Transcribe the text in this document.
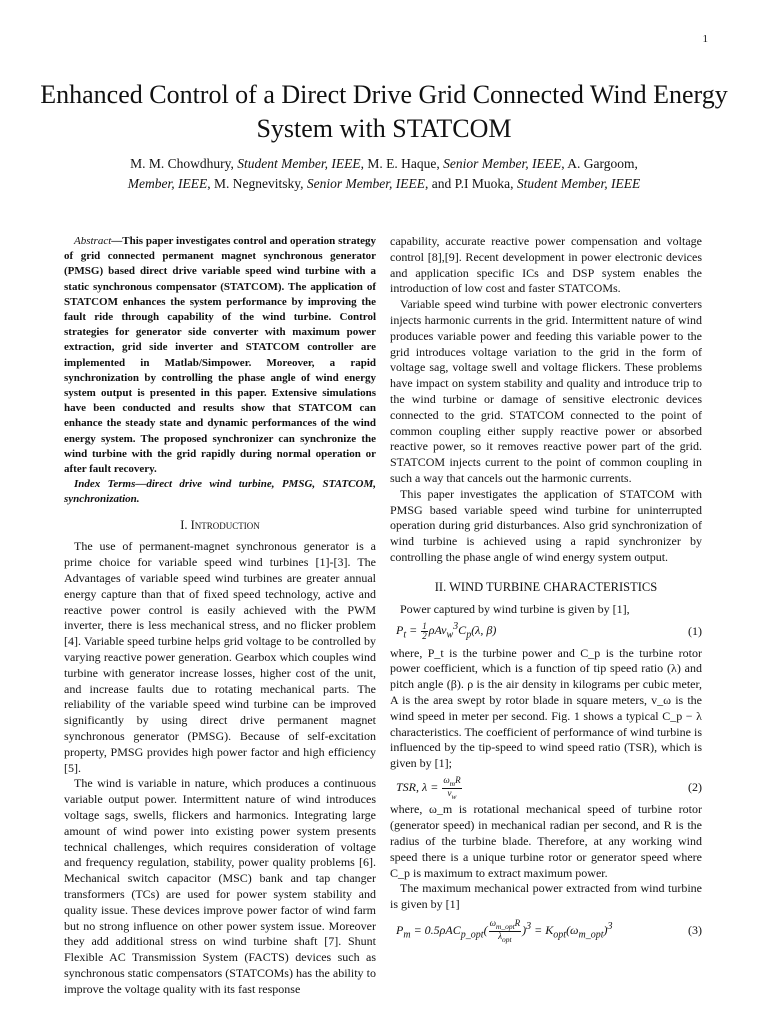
1
Enhanced Control of a Direct Drive Grid Connected Wind Energy System with STATCOM
M. M. Chowdhury, Student Member, IEEE, M. E. Haque, Senior Member, IEEE, A. Gargoom,
Member, IEEE, M. Negnevitsky, Senior Member, IEEE, and P.I Muoka, Student Member, IEEE

Abstract—This paper investigates control and operation strategy of grid connected permanent magnet synchronous generator (PMSG) based direct drive variable speed wind turbine with a static synchronous compensator (STATCOM). The application of STATCOM enhances the system performance by improving the fault ride through capability of the wind turbine. Control strategies for generator side converter with maximum power extraction, grid side inverter and STATCOM controller are implemented in Matlab/Simpower. Moreover, a rapid synchronization by controlling the phase angle of wind energy system output is presented in this paper. Extensive simulations have been conducted and results show that STATCOM can enhance the steady state and dynamic performances of the wind energy system. The proposed synchronizer can synchronize the wind turbine with the grid rapidly during normal operation or after fault recovery.

Index Terms—direct drive wind turbine, PMSG, STATCOM, synchronization.

I. Introduction

The use of permanent-magnet synchronous generator is a prime choice for variable speed wind turbines [1]-[3]. The Advantages of variable speed wind turbines are greater annual energy capture than that of fixed speed technology, active and reactive power control is easily achieved with the PWM inverter, there is less mechanical stress, and no flicker problem [4]. Variable speed turbine helps grid voltage to be controlled by varying reactive power generation. Gearbox which couples wind turbine with generator increase losses, higher cost of the unit, and increase faults due to rotating mechanical parts. The reliability of the variable speed wind turbine can be improved significantly by using direct drive permanent magnet synchronous generator (PMSG). Because of self-excitation property, PMSG provides high power factor and high efficiency [5].

The wind is variable in nature, which produces a continuous variable output power. Intermittent nature of wind introduces voltage sags, swells, flickers and harmonics. Integrating large amount of wind power into existing power system presents technical challenges, which requires consideration of voltage and frequency regulation, stability, power quality problems [6]. Mechanical switch capacitor (MSC) bank and tap changer transformers (TCs) are used for power system stability and quality issue. These devices improve power factor of wind farm but no strong influence on other power system issue. Moreover they add additional stress on wind turbine shaft [7]. Shunt Flexible AC Transmission System (FACTS) devices such as synchronous static compensators (STATCOMs) has the ability to improve the voltage quality with its fast response

capability, accurate reactive power compensation and voltage control [8],[9]. Recent development in power electronic devices and application specific ICs and DSP system enables the introduction of low cost and faster STATCOMs.

Variable speed wind turbine with power electronic converters injects harmonic currents in the grid. Intermittent nature of wind produces variable power and feeding this variable power to the grid introduces voltage variation to the grid in the form of voltage sag, voltage swell and voltage flickers. These problems have impact on system stability and quality and introduce trip to the wind turbine or damage of sensitive electronic devices connected to the grid. STATCOM connected to the point of common coupling either supply reactive power or absorbed reactive power, so it removes reactive power part of the grid. STATCOM injects current to the point of common coupling in such a way that cancels out the harmonic currents.

This paper investigates the application of STATCOM with PMSG based variable speed wind turbine for uninterrupted operation during grid disturbances. Also grid synchronization of wind turbine is achieved using a rapid synchronizer by controlling the phase angle of wind energy system output.

II. WIND TURBINE CHARACTERISTICS

Power captured by wind turbine is given by [1],

$P_t = \frac{1}{2} \rho Av_w^3C_p(\lambda$, β)	(1)

where, P_t is the turbine power and C_p is the turbine rotor power coefficient, which is a function of tip speed ratio (λ) and pitch angle (β). ρ is the air density in kilograms per cubic meter, A is the area swept by rotor blade in square meters, v_ω is the wind speed in meter per second. Fig. 1 shows a typical C_p − λ characteristics. The coefficient of performance of wind turbine is influenced by the tip-speed to wind speed ratio (TSR), which is given by [1];

TSR, $\lambda = \frac{\omega_mR}{v_w}$	(2)

where, ω_m is rotational mechanical speed of turbine rotor (generator speed) in mechanical radian per second, and R is the radius of the turbine blade. Therefore, at any working wind speed there is a unique turbine rotor or generator speed where C_p is maximum to extract maximum power.

The maximum mechanical power extracted from wind turbine is given by [1]

$P_m = 0.5\rho AC_{p\_opt}( \frac{\omega_{m\_opt}R}{\lambda_{opt}} )^3 = K_{opt}(\omega_{m\_opt})^3$	(3)
